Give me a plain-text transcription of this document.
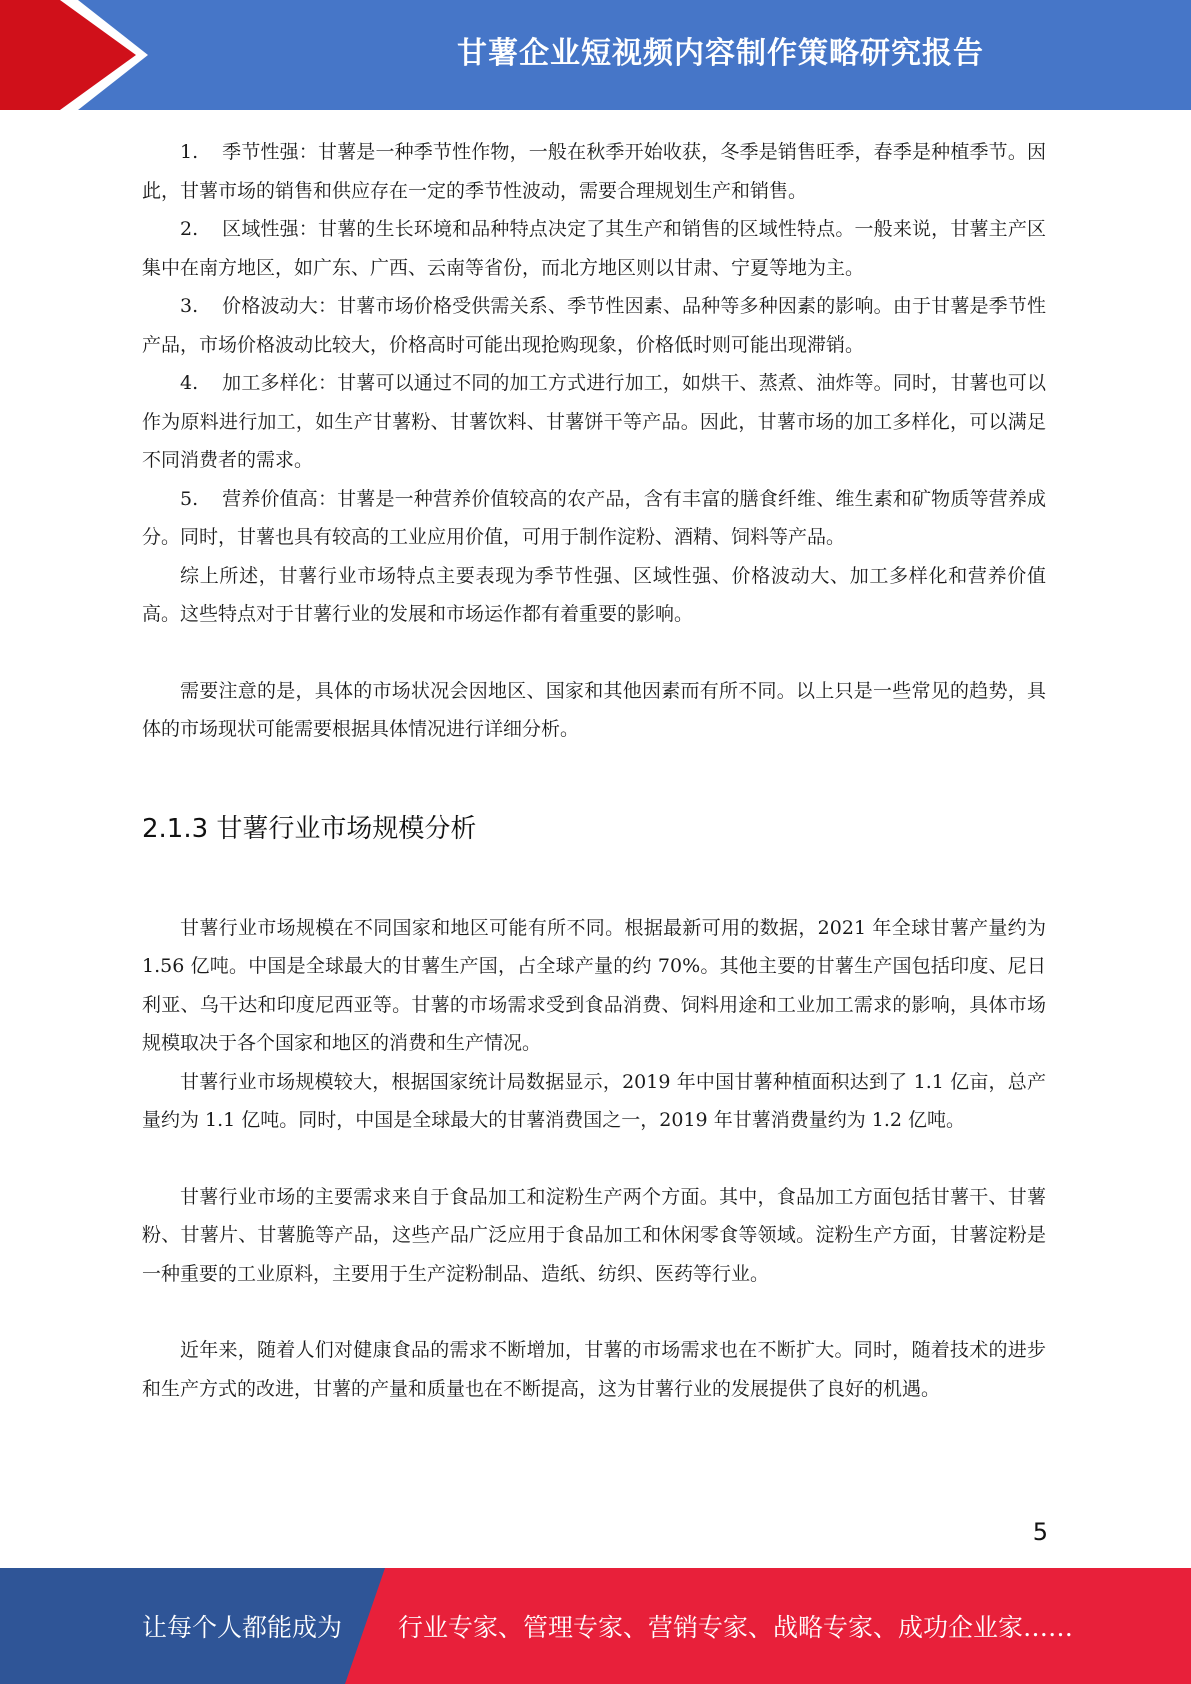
甘薯企业短视频内容制作策略研究报告

1. 季节性强：甘薯是一种季节性作物，一般在秋季开始收获，冬季是销售旺季，春季是种植季节。因此，甘薯市场的销售和供应存在一定的季节性波动，需要合理规划生产和销售。

2. 区域性强：甘薯的生长环境和品种特点决定了其生产和销售的区域性特点。一般来说，甘薯主产区集中在南方地区，如广东、广西、云南等省份，而北方地区则以甘肃、宁夏等地为主。

3. 价格波动大：甘薯市场价格受供需关系、季节性因素、品种等多种因素的影响。由于甘薯是季节性产品，市场价格波动比较大，价格高时可能出现抢购现象，价格低时则可能出现滞销。

4. 加工多样化：甘薯可以通过不同的加工方式进行加工，如烘干、蒸煮、油炸等。同时，甘薯也可以作为原料进行加工，如生产甘薯粉、甘薯饮料、甘薯饼干等产品。因此，甘薯市场的加工多样化，可以满足不同消费者的需求。

5. 营养价值高：甘薯是一种营养价值较高的农产品，含有丰富的膳食纤维、维生素和矿物质等营养成分。同时，甘薯也具有较高的工业应用价值，可用于制作淀粉、酒精、饲料等产品。

综上所述，甘薯行业市场特点主要表现为季节性强、区域性强、价格波动大、加工多样化和营养价值高。这些特点对于甘薯行业的发展和市场运作都有着重要的影响。

需要注意的是，具体的市场状况会因地区、国家和其他因素而有所不同。以上只是一些常见的趋势，具体的市场现状可能需要根据具体情况进行详细分析。

2.1.3 甘薯行业市场规模分析

甘薯行业市场规模在不同国家和地区可能有所不同。根据最新可用的数据，2021 年全球甘薯产量约为 1.56 亿吨。中国是全球最大的甘薯生产国，占全球产量的约 70%。其他主要的甘薯生产国包括印度、尼日利亚、乌干达和印度尼西亚等。甘薯的市场需求受到食品消费、饲料用途和工业加工需求的影响，具体市场规模取决于各个国家和地区的消费和生产情况。

甘薯行业市场规模较大，根据国家统计局数据显示，2019 年中国甘薯种植面积达到了 1.1 亿亩，总产量约为 1.1 亿吨。同时，中国是全球最大的甘薯消费国之一，2019 年甘薯消费量约为 1.2 亿吨。

甘薯行业市场的主要需求来自于食品加工和淀粉生产两个方面。其中，食品加工方面包括甘薯干、甘薯粉、甘薯片、甘薯脆等产品，这些产品广泛应用于食品加工和休闲零食等领域。淀粉生产方面，甘薯淀粉是一种重要的工业原料，主要用于生产淀粉制品、造纸、纺织、医药等行业。

近年来，随着人们对健康食品的需求不断增加，甘薯的市场需求也在不断扩大。同时，随着技术的进步和生产方式的改进，甘薯的产量和质量也在不断提高，这为甘薯行业的发展提供了良好的机遇。

5
让每个人都能成为 行业专家、管理专家、营销专家、战略专家、成功企业家……
